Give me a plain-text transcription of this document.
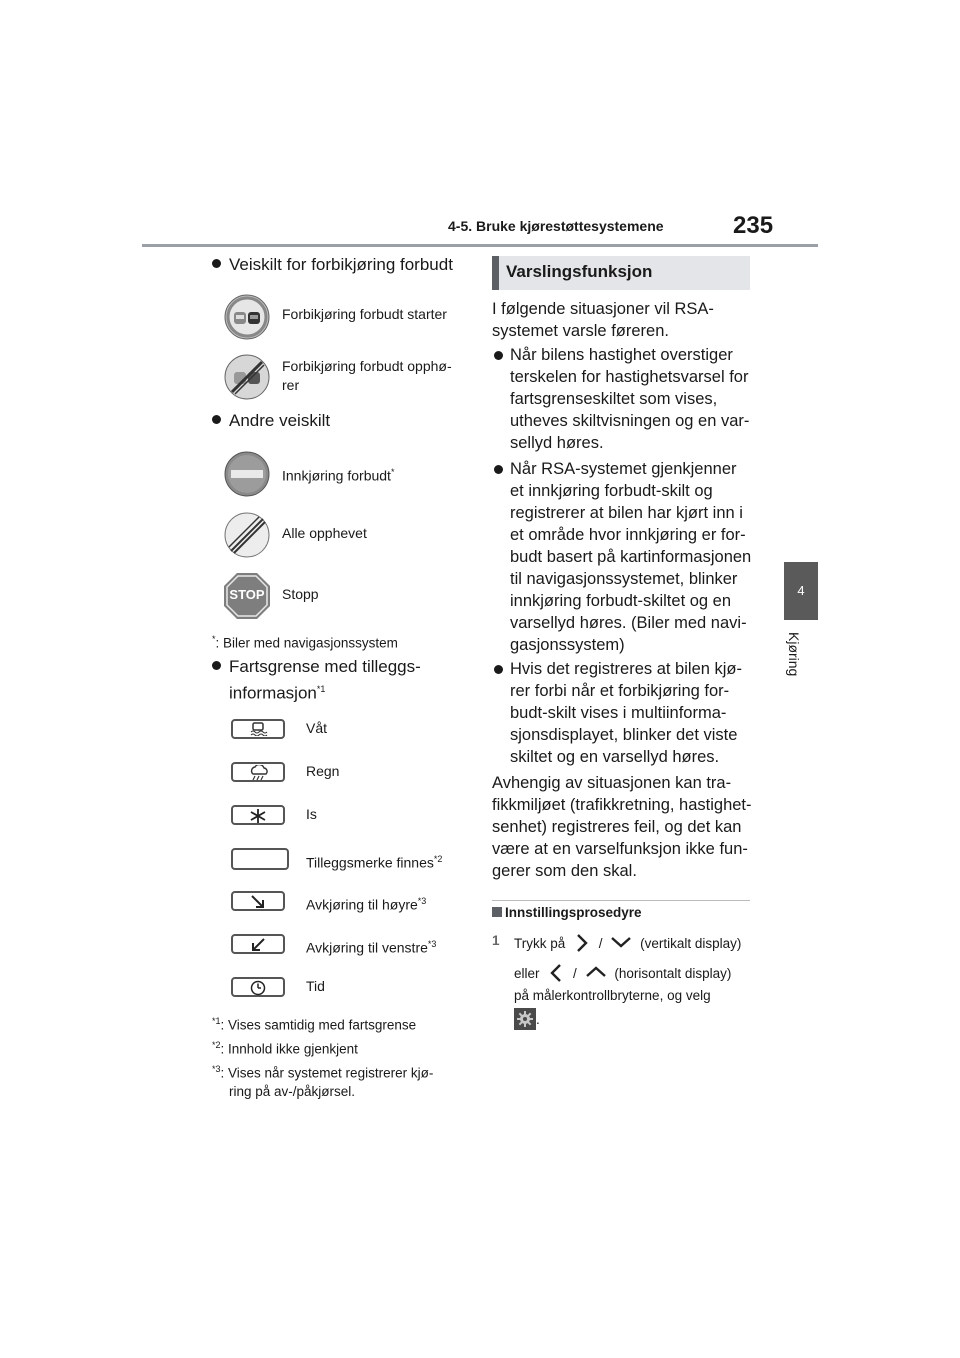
4-5. Bruke kjørestøttesystemene	235
4
Kjøring
Veiskilt for forbikjøring forbudt
Forbikjøring forbudt starter
Forbikjøring forbudt opphø-
rer
Andre veiskilt
Innkjøring forbudt*
Alle opphevet
STOP	Stopp
*: Biler med navigasjonssystem
Fartsgrense med tilleggs-
informasjon$^{*1}$
Våt
Regn
Is
Tilleggsmerke finnes$^{*2}$
Avkjøring til høyre$^{*3}$
Avkjøring til venstre$^{*3}$
Tid
$^{*1}$: Vises samtidig med fartsgrense
$^{*2}$: Innhold ikke gjenkjent
$^{*3}$: Vises når systemet registrerer kjø-
ring på av-/påkjørsel.
Varslingsfunksjon
I følgende situasjoner vil RSA-
systemet varsle føreren.
Når bilens hastighet overstiger
terskelen for hastighetsvarsel for
fartsgrenseskiltet som vises,
utheves skiltvisningen og en var-
sellyd høres.
Når RSA-systemet gjenkjenner
et innkjøring forbudt-skilt og
registrerer at bilen har kjørt inn i
et område hvor innkjøring er for-
budt basert på kartinformasjonen
til navigasjonssystemet, blinker
innkjøring forbudt-skiltet og en
varsellyd høres. (Biler med navi-
gasjonssystem)
Hvis det registreres at bilen kjø-
rer forbi når et forbikjøring for-
budt-skilt vises i multiinforma-
sjonsdisplayet, blinker det viste
skiltet og en varsellyd høres.
Avhengig av situasjonen kan tra-
fikkmiljøet (trafikkretning, hastighet-
senhet) registreres feil, og det kan
være at en varselfunksjon ikke fun-
gerer som den skal.
Innstillingsprosedyre
1 Trykk på /	(vertikalt display)
eller /	(horisontalt display)
på målerkontrollbryterne, og velg
.
